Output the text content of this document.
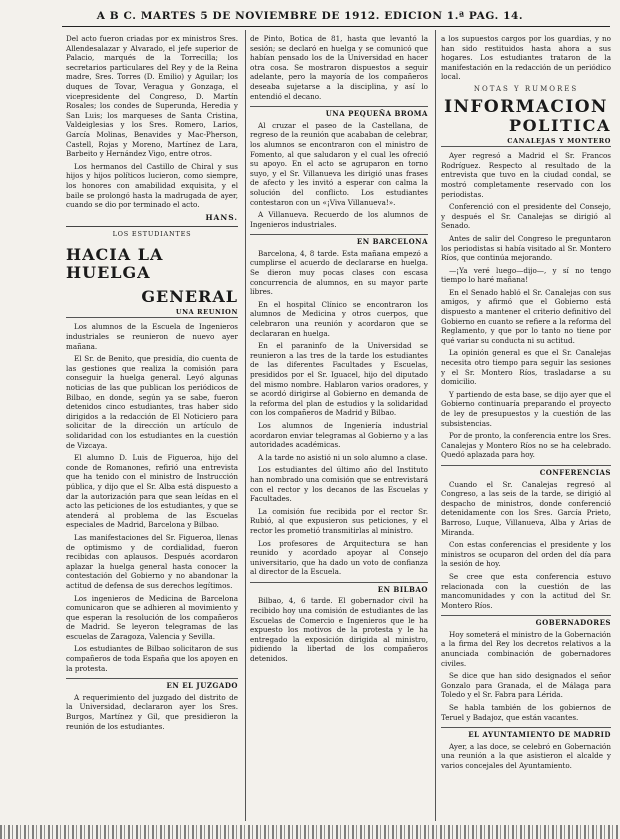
A B C. MARTES 5 DE NOVIEMBRE DE 1912. EDICION 1.ª PAG. 14.

Del acto fueron criadas por ex ministros Sres. Allendesalazar y Alvarado, el jefe superior de Palacio, marqués de la Torrecilla; los secretarios particulares del Rey y de la Reina madre, Sres. Torres (D. Emilio) y Aguilar; los duques de Tovar, Veragua y Gonzaga, el vicepresidente del Congreso, D. Martín Rosales; los condes de Superunda, Heredia y San Luis; los marqueses de Santa Cristina, Valdeiglesias y los Sres. Romero, Larios, García Molinas, Benavides y Mac-Pherson, Castell, Rojas y Moreno, Martínez de Lara, Barbeito y Hernández Vigo, entre otros.

Los hermanos del Castillo de Chiral y sus hijos y hijos políticos lucieron, como siempre, los honores con amabilidad exquisita, y el baile se prolongó hasta la madrugada de ayer, cuando se dio por terminado el acto.

HANS.
LOS ESTUDIANTES
HACIA LA HUELGA
GENERAL
UNA REUNION

Los alumnos de la Escuela de Ingenieros industriales se reunieron de nuevo ayer mañana.

El Sr. de Benito, que presidía, dio cuenta de las gestiones que realiza la comisión para conseguir la huelga general. Leyó algunas noticias de las que publican los periódicos de Bilbao, en donde, según ya se sabe, fueron detenidos cinco estudiantes, tras haber sido dirigidos a la redacción de El Noticiero para solicitar de la dirección un artículo de solidaridad con los estudiantes en la cuestión de Vizcaya.

El alumno D. Luis de Figueroa, hijo del conde de Romanones, refirió una entrevista que ha tenido con el ministro de Instrucción pública, y dijo que el Sr. Alba está dispuesto a dar la autorización para que sean leídas en el acto las peticiones de los estudiantes, y que se atenderá al problema de las Escuelas especiales de Madrid, Barcelona y Bilbao.

Las manifestaciones del Sr. Figueroa, llenas de optimismo y de cordialidad, fueron recibidas con aplausos. Después acordaron aplazar la huelga general hasta conocer la contestación del Gobierno y no abandonar la actitud de defensa de sus derechos legítimos.

Los ingenieros de Medicina de Barcelona comunicaron que se adhieren al movimiento y que esperan la resolución de los compañeros de Madrid. Se leyeron telegramas de las escuelas de Zaragoza, Valencia y Sevilla.

Los estudiantes de Bilbao solicitaron de sus compañeros de toda España que los apoyen en la protesta.

EN EL JUZGADO

A requerimiento del juzgado del distrito de la Universidad, declararon ayer los Sres. Burgos, Martínez y Gil, que presidieron la reunión de los estudiantes.

de Pinto, Botica de 81, hasta que levantó la sesión; se declaró en huelga y se comunicó que habían pensado los de la Universidad en hacer otra cosa. Se mostraron dispuestos a seguir adelante, pero la mayoría de los compañeros deseaba sujetarse a la disciplina, y así lo entendió el decano.

UNA PEQUEÑA BROMA

Al cruzar el paseo de la Castellana, de regreso de la reunión que acababan de celebrar, los alumnos se encontraron con el ministro de Fomento, al que saludaron y el cual les ofreció su apoyo. En el acto se agruparon en torno suyo, y el Sr. Villanueva les dirigió unas frases de afecto y les invitó a esperar con calma la solución del conflicto. Los estudiantes contestaron con un «¡Viva Villanueva!».

A Villanueva. Recuerdo de los alumnos de Ingenieros industriales.

EN BARCELONA

Barcelona, 4, 8 tarde. Esta mañana empezó a cumplirse el acuerdo de declararse en huelga. Se dieron muy pocas clases con escasa concurrencia de alumnos, en su mayor parte libres.

En el hospital Clínico se encontraron los alumnos de Medicina y otros cuerpos, que celebraron una reunión y acordaron que se declararan en huelga.

En el paraninfo de la Universidad se reunieron a las tres de la tarde los estudiantes de las diferentes Facultades y Escuelas, presididos por el Sr. Iguacel, hijo del diputado del mismo nombre. Hablaron varios oradores, y se acordó dirigirse al Gobierno en demanda de la reforma del plan de estudios y la solidaridad con los compañeros de Madrid y Bilbao.

Los alumnos de Ingeniería industrial acordaron enviar telegramas al Gobierno y a las autoridades académicas.

A la tarde no asistió ni un solo alumno a clase.

Los estudiantes del último año del Instituto han nombrado una comisión que se entrevistará con el rector y los decanos de las Escuelas y Facultades.

La comisión fue recibida por el rector Sr. Rubió, al que expusieron sus peticiones, y el rector les prometió transmitirlas al ministro.

Los profesores de Arquitectura se han reunido y acordado apoyar al Consejo universitario, que ha dado un voto de confianza al director de la Escuela.

EN BILBAO

Bilbao, 4, 6 tarde. El gobernador civil ha recibido hoy una comisión de estudiantes de las Escuelas de Comercio e Ingenieros que le ha expuesto los motivos de la protesta y le ha entregado la exposición dirigida al ministro, pidiendo la libertad de los compañeros detenidos.

a los supuestos cargos por los guardias, y no han sido restituidos hasta ahora a sus hogares. Los estudiantes trataron de la manifestación en la redacción de un periódico local.

NOTAS Y RUMORES
INFORMACION
POLITICA
CANALEJAS Y MONTERO

Ayer regresó a Madrid el Sr. Francos Rodríguez. Respecto al resultado de la entrevista que tuvo en la ciudad condal, se mostró completamente reservado con los periodistas.

Conferenció con el presidente del Consejo, y después el Sr. Canalejas se dirigió al Senado.

Antes de salir del Congreso le preguntaron los periodistas si había visitado al Sr. Montero Ríos, que continúa mejorando.

—¡Ya veré luego—dijo—, y sí no tengo tiempo lo haré mañana!

En el Senado habló el Sr. Canalejas con sus amigos, y afirmó que el Gobierno está dispuesto a mantener el criterio definitivo del Gobierno en cuanto se refiere a la reforma del Reglamento, y que por lo tanto no tiene por qué variar su conducta ni su actitud.

La opinión general es que el Sr. Canalejas necesita otro tiempo para seguir las sesiones y el Sr. Montero Ríos, trasladarse a su domicilio.

Y partiendo de esta base, se dijo ayer que el Gobierno continuaría preparando el proyecto de ley de presupuestos y la cuestión de las subsistencias.

Por de pronto, la conferencia entre los Sres. Canalejas y Montero Ríos no se ha celebrado. Quedó aplazada para hoy.

CONFERENCIAS

Cuando el Sr. Canalejas regresó al Congreso, a las seis de la tarde, se dirigió al despacho de ministros, donde conferenció detenidamente con los Sres. García Prieto, Barroso, Luque, Villanueva, Alba y Arias de Miranda.

Con estas conferencias el presidente y los ministros se ocuparon del orden del día para la sesión de hoy.

Se cree que esta conferencia estuvo relacionada con la cuestión de las mancomunidades y con la actitud del Sr. Montero Ríos.

GOBERNADORES

Hoy someterá el ministro de la Gobernación a la firma del Rey los decretos relativos a la anunciada combinación de gobernadores civiles.

Se dice que han sido designados el señor Gonzalo para Granada, el de Málaga para Toledo y el Sr. Fabra para Lérida.

Se habla también de los gobiernos de Teruel y Badajoz, que están vacantes.

EL AYUNTAMIENTO DE MADRID

Ayer, a las doce, se celebró en Gobernación una reunión a la que asistieron el alcalde y varios concejales del Ayuntamiento.
